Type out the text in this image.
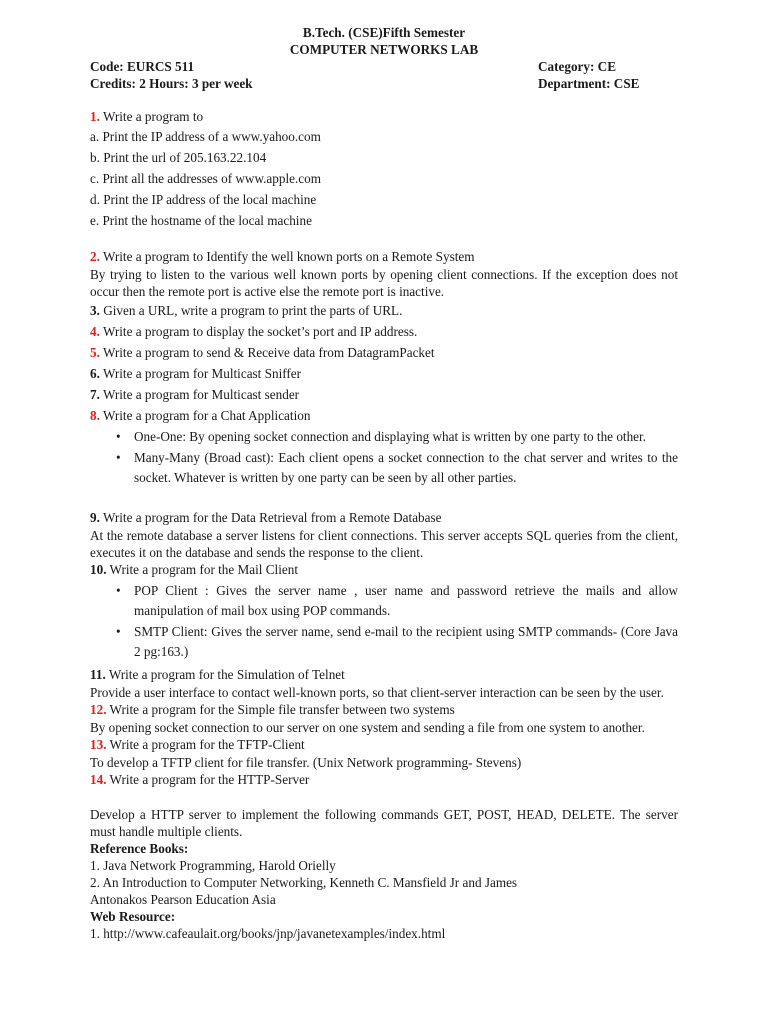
B.Tech. (CSE)Fifth Semester
COMPUTER NETWORKS LAB
Code: EURCS 511	Category: CE
Credits: 2 Hours: 3 per week	Department: CSE

1. Write a program to

a. Print the IP address of a www.yahoo.com

b. Print the url of 205.163.22.104

c. Print all the addresses of www.apple.com

d. Print the IP address of the local machine

e. Print the hostname of the local machine

2. Write a program to Identify the well known ports on a Remote System

By trying to listen to the various well known ports by opening client connections. If the exception does not occur then the remote port is active else the remote port is inactive.

3. Given a URL, write a program to print the parts of URL.

4. Write a program to display the socket’s port and IP address.

5. Write a program to send & Receive data from DatagramPacket

6. Write a program for Multicast Sniffer

7. Write a program for Multicast sender

8. Write a program for a Chat Application

• One-One: By opening socket connection and displaying what is written by one party to the other.
• Many-Many (Broad cast): Each client opens a socket connection to the chat server and writes to the socket. Whatever is written by one party can be seen by all other parties.

9. Write a program for the Data Retrieval from a Remote Database

At the remote database a server listens for client connections. This server accepts SQL queries from the client, executes it on the database and sends the response to the client.

10. Write a program for the Mail Client

• POP Client : Gives the server name , user name and password retrieve the mails and allow manipulation of mail box using POP commands.
• SMTP Client: Gives the server name, send e-mail to the recipient using SMTP commands- (Core Java 2 pg:163.)

11. Write a program for the Simulation of Telnet

Provide a user interface to contact well-known ports, so that client-server interaction can be seen by the user.

12. Write a program for the Simple file transfer between two systems

By opening socket connection to our server on one system and sending a file from one system to another.

13. Write a program for the TFTP-Client

To develop a TFTP client for file transfer. (Unix Network programming- Stevens)

14. Write a program for the HTTP-Server

Develop a HTTP server to implement the following commands GET, POST, HEAD, DELETE. The server must handle multiple clients.

Reference Books:

1. Java Network Programming, Harold Orielly

2. An Introduction to Computer Networking, Kenneth C. Mansfield Jr and James

Antonakos Pearson Education Asia

Web Resource:

1. http://www.cafeaulait.org/books/jnp/javanetexamples/index.html
